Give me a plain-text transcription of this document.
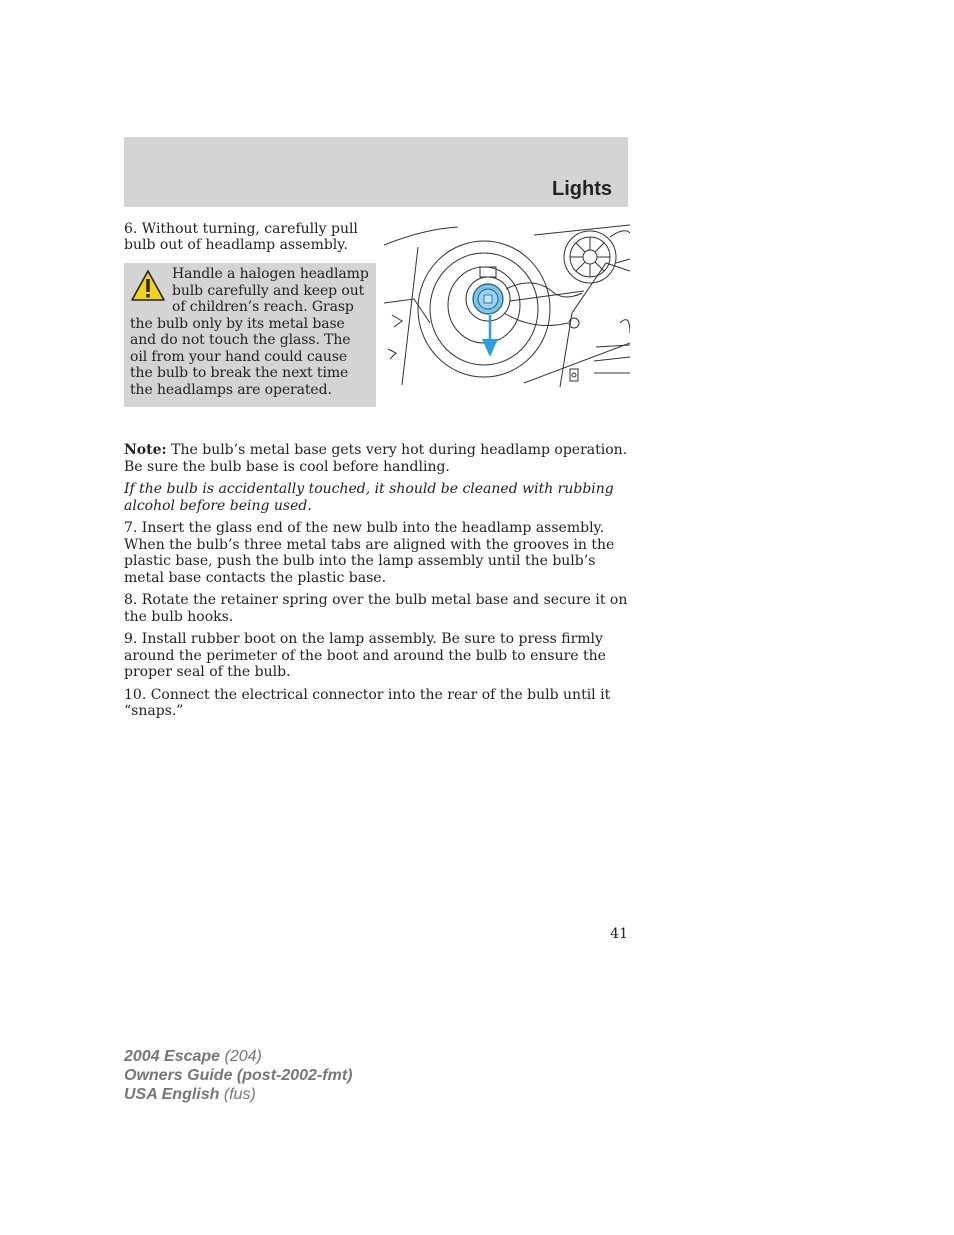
Lights

6. Without turning, carefully pull bulb out of headlamp assembly.

Handle a halogen headlamp bulb carefully and keep out of children’s reach. Grasp the bulb only by its metal base and do not touch the glass. The oil from your hand could cause the bulb to break the next time the headlamps are operated.

Note: The bulb’s metal base gets very hot during headlamp operation. Be sure the bulb base is cool before handling.

If the bulb is accidentally touched, it should be cleaned with rubbing alcohol before being used.

7. Insert the glass end of the new bulb into the headlamp assembly. When the bulb’s three metal tabs are aligned with the grooves in the plastic base, push the bulb into the lamp assembly until the bulb’s metal base contacts the plastic base.

8. Rotate the retainer spring over the bulb metal base and secure it on the bulb hooks.

9. Install rubber boot on the lamp assembly. Be sure to press firmly around the perimeter of the boot and around the bulb to ensure the proper seal of the bulb.

10. Connect the electrical connector into the rear of the bulb until it “snaps.”

41
2004 Escape (204)
Owners Guide (post-2002-fmt)
USA English (fus)
